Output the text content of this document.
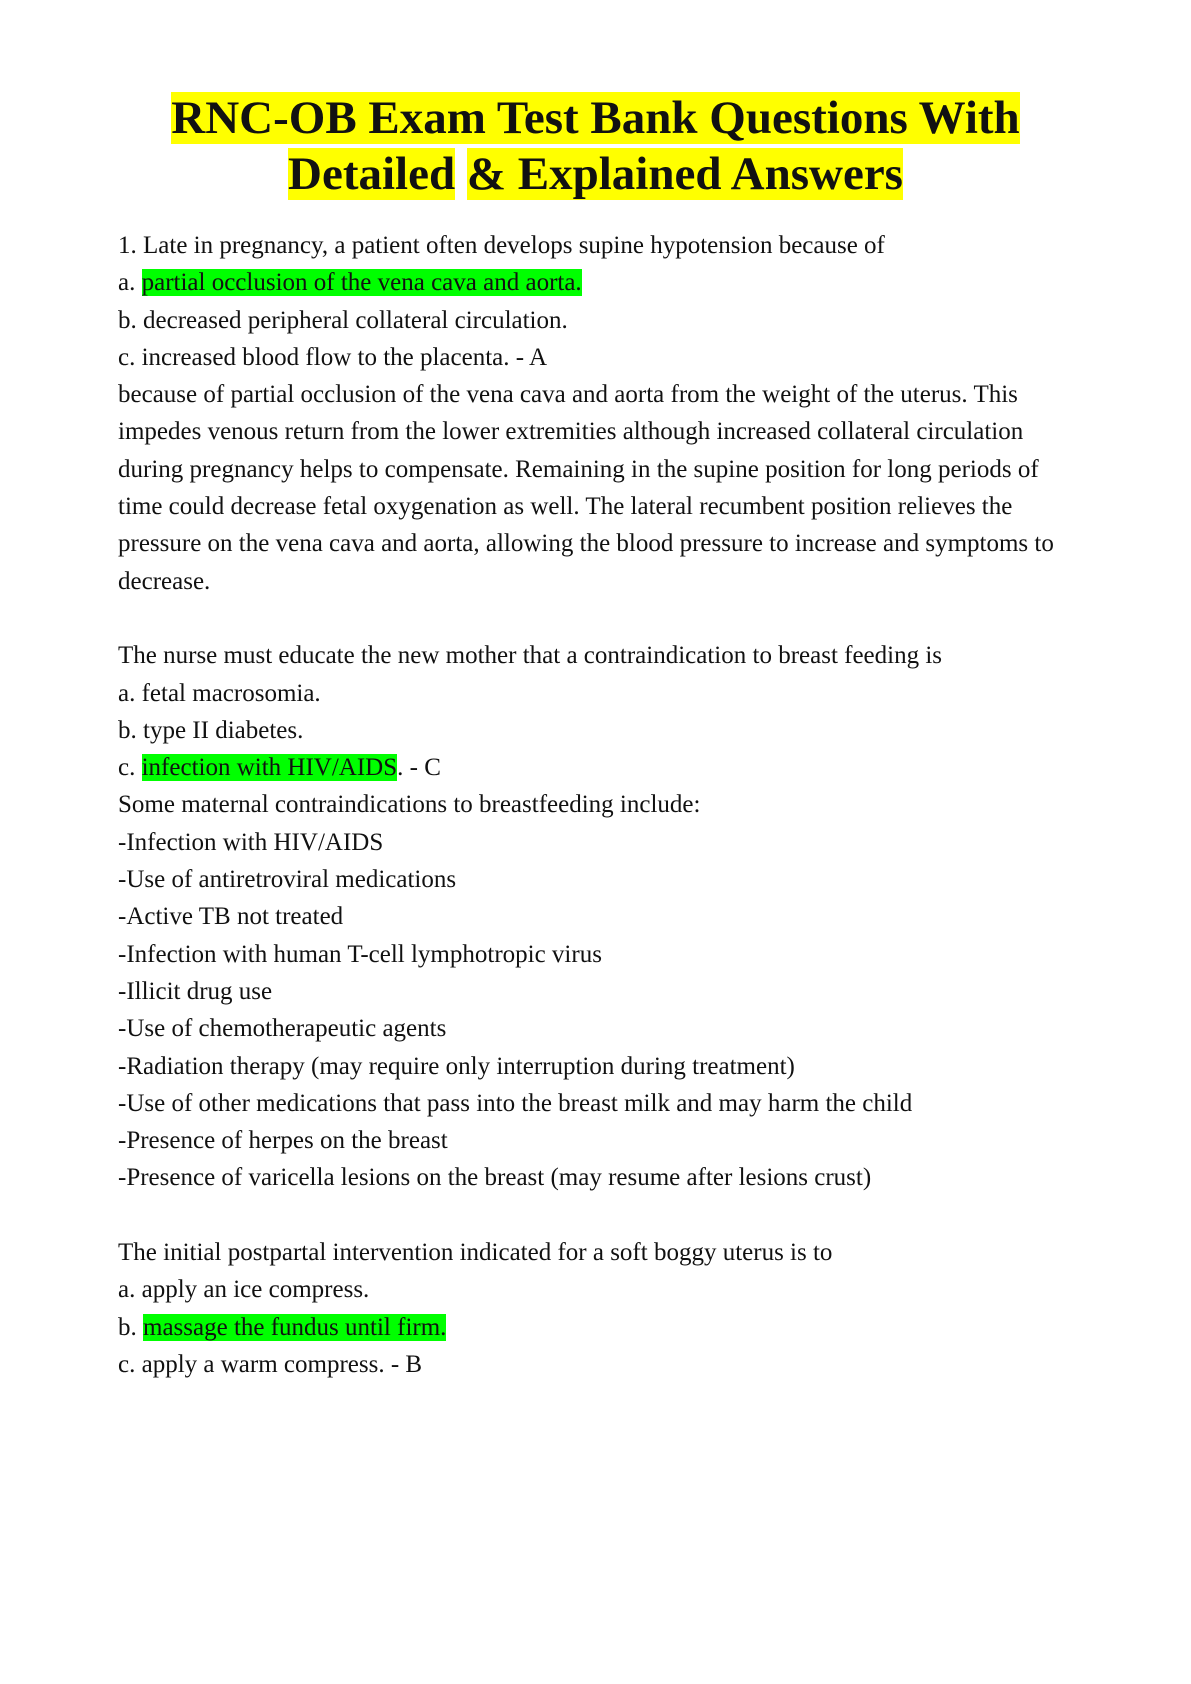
RNC-OB Exam Test Bank Questions With
Detailed & Explained Answers

1. Late in pregnancy, a patient often develops supine hypotension because of

a. partial occlusion of the vena cava and aorta.

b. decreased peripheral collateral circulation.

c. increased blood flow to the placenta. - A

because of partial occlusion of the vena cava and aorta from the weight of the uterus. This impedes venous return from the lower extremities although increased collateral circulation during pregnancy helps to compensate. Remaining in the supine position for long periods of time could decrease fetal oxygenation as well. The lateral recumbent position relieves the pressure on the vena cava and aorta, allowing the blood pressure to increase and symptoms to decrease.

The nurse must educate the new mother that a contraindication to breast feeding is

a. fetal macrosomia.

b. type II diabetes.

c. infection with HIV/AIDS. - C

Some maternal contraindications to breastfeeding include:

-Infection with HIV/AIDS

-Use of antiretroviral medications

-Active TB not treated

-Infection with human T-cell lymphotropic virus

-Illicit drug use

-Use of chemotherapeutic agents

-Radiation therapy (may require only interruption during treatment)

-Use of other medications that pass into the breast milk and may harm the child

-Presence of herpes on the breast

-Presence of varicella lesions on the breast (may resume after lesions crust)

The initial postpartal intervention indicated for a soft boggy uterus is to

a. apply an ice compress.

b. massage the fundus until firm.

c. apply a warm compress. - B
